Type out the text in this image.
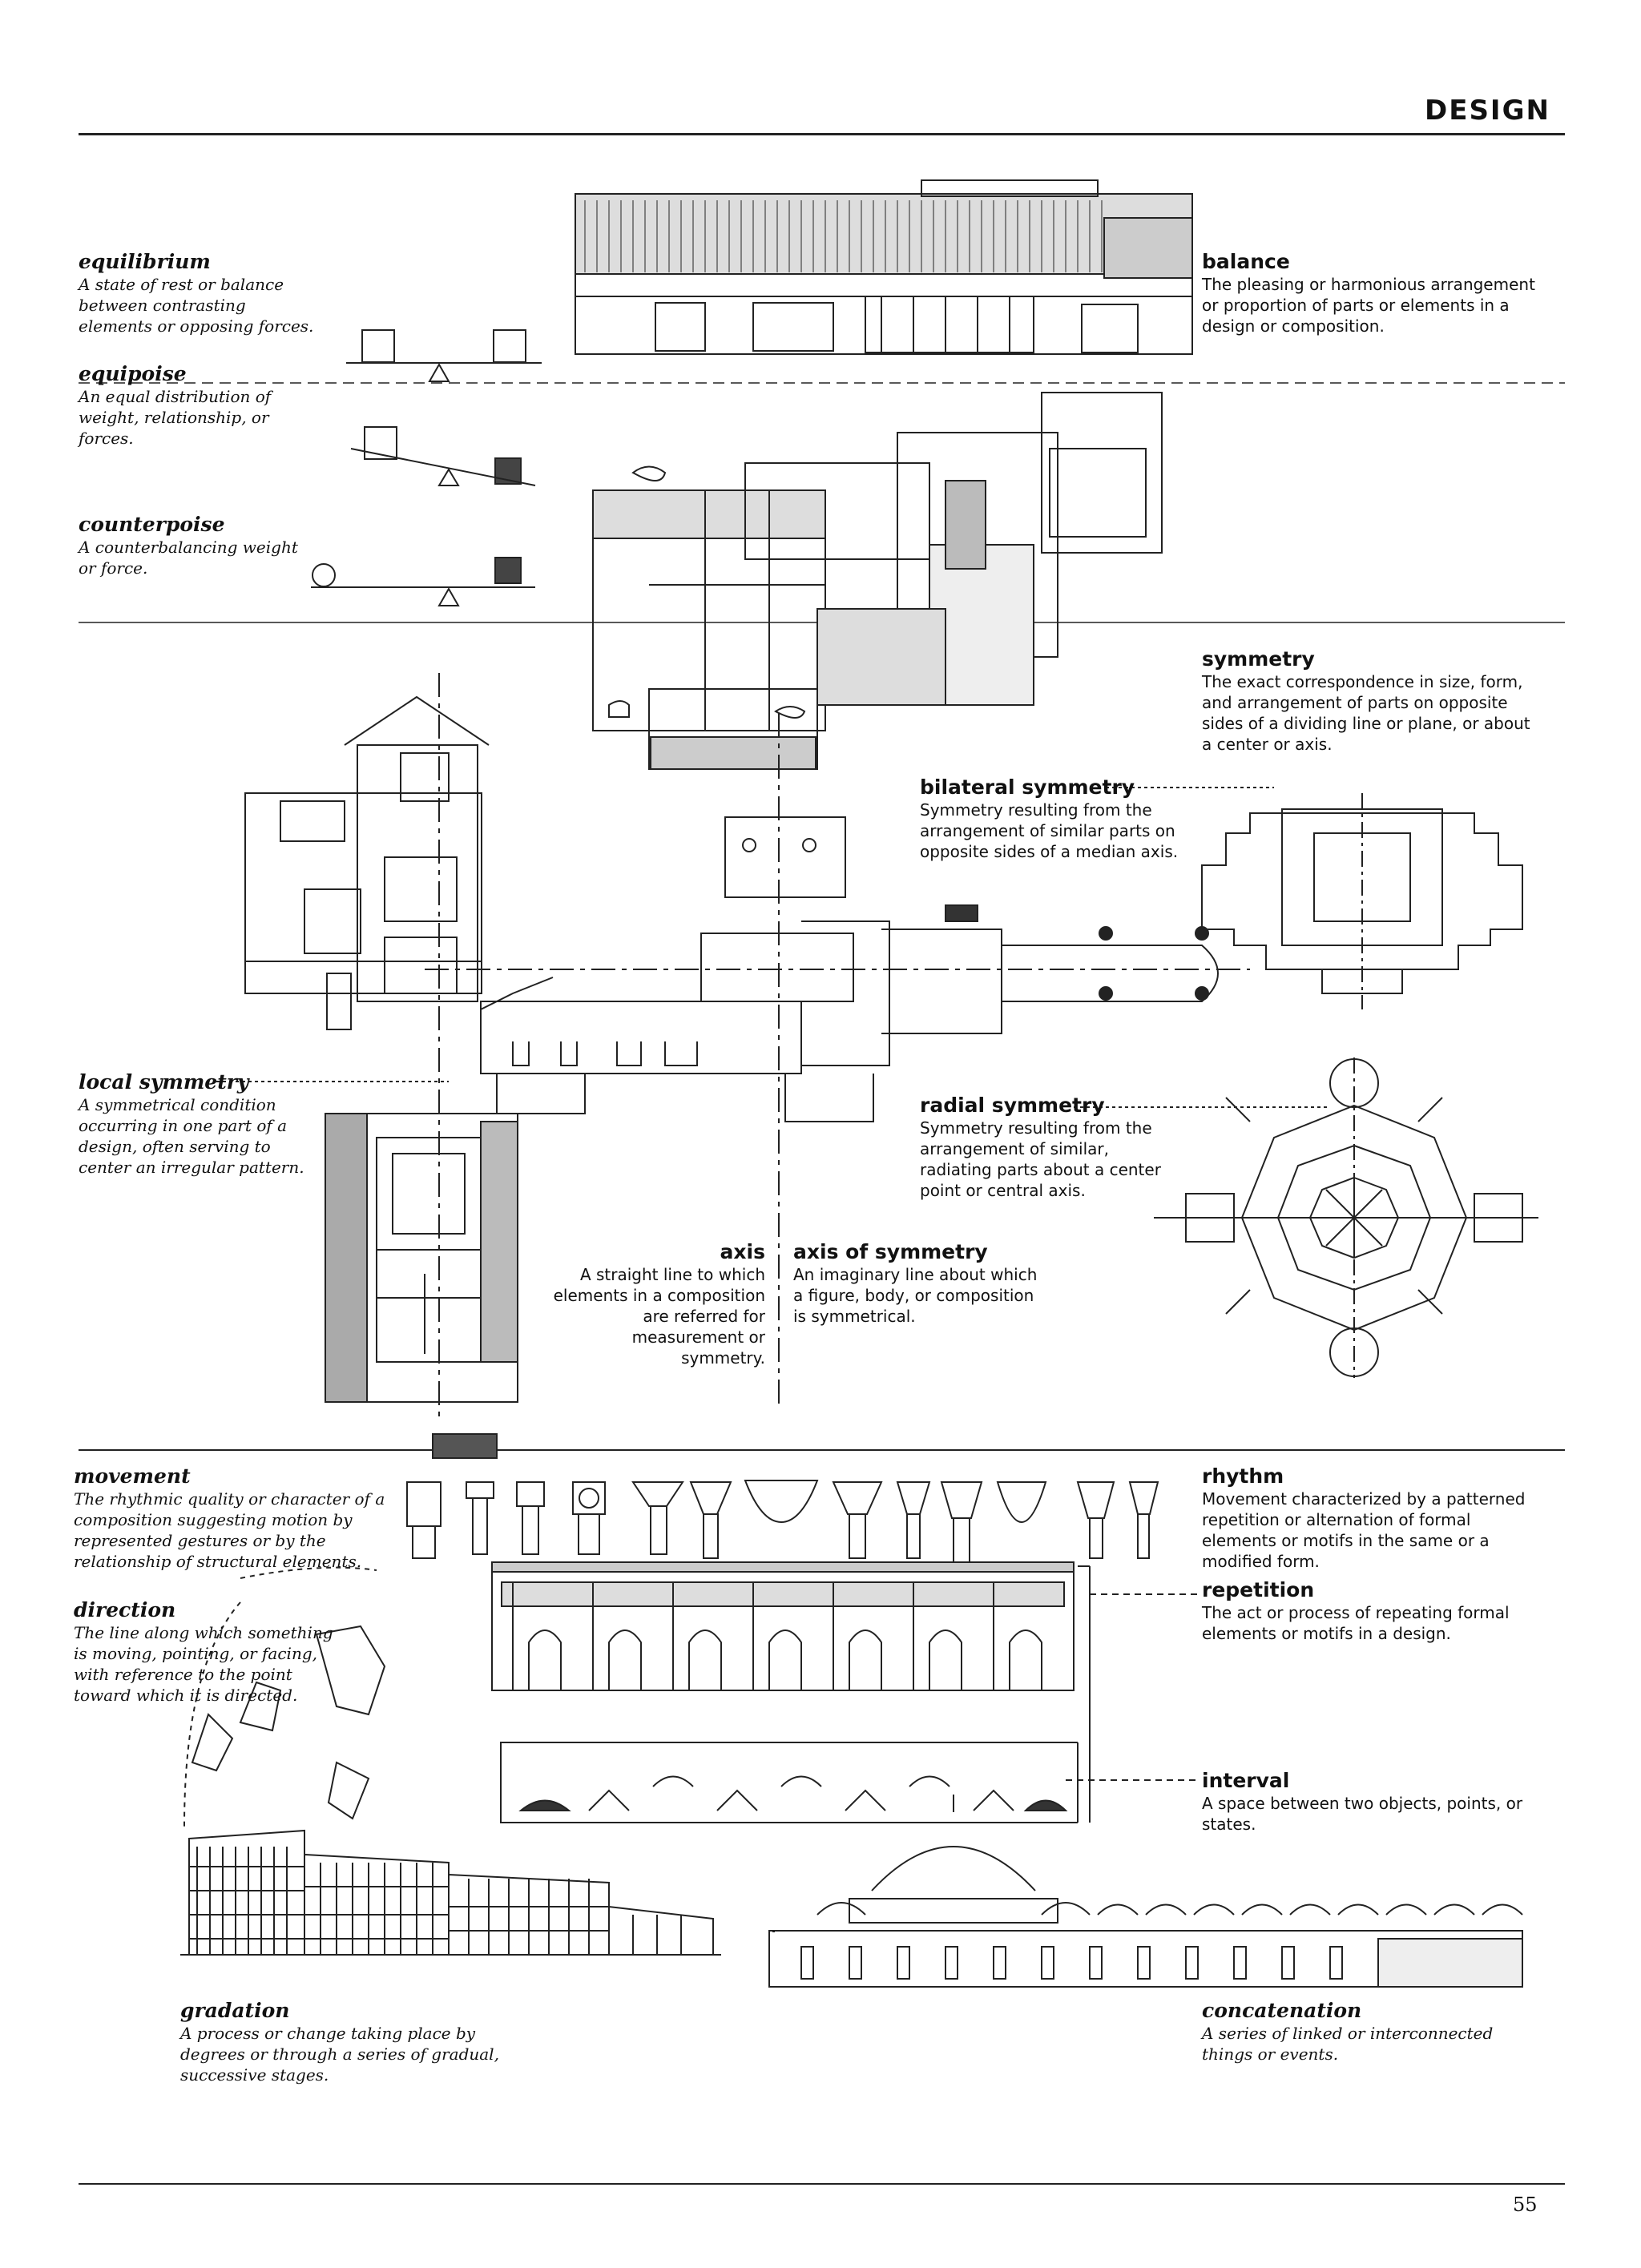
DESIGN

equilibrium

A state of rest or balance between contrasting elements or opposing forces.

equipoise

An equal distribution of weight, relationship, or forces.

counterpoise

A counterbalancing weight or force.

balance

The pleasing or harmonious arrangement or proportion of parts or elements in a design or composition.

symmetry

The exact correspondence in size, form, and arrangement of parts on opposite sides of a dividing line or plane, or about a center or axis.

bilateral symmetry

Symmetry resulting from the arrangement of similar parts on opposite sides of a median axis.

local symmetry

A symmetrical condition occurring in one part of a design, often serving to center an irregular pattern.

radial symmetry

Symmetry resulting from the arrangement of similar, radiating parts about a center point or central axis.

axis

A straight line to which elements in a composition are referred for measurement or symmetry.

axis of symmetry

An imaginary line about which a figure, body, or composition is symmetrical.

movement

The rhythmic quality or character of a composition suggesting motion by represented gestures or by the relationship of structural elements.

direction

The line along which something is moving, pointing, or facing, with reference to the point toward which it is directed.

rhythm

Movement characterized by a patterned repetition or alternation of formal elements or motifs in the same or a modified form.

repetition

The act or process of repeating formal elements or motifs in a design.

interval

A space between two objects, points, or states.

gradation

A process or change taking place by degrees or through a series of gradual, successive stages.

concatenation

A series of linked or interconnected things or events.

55
